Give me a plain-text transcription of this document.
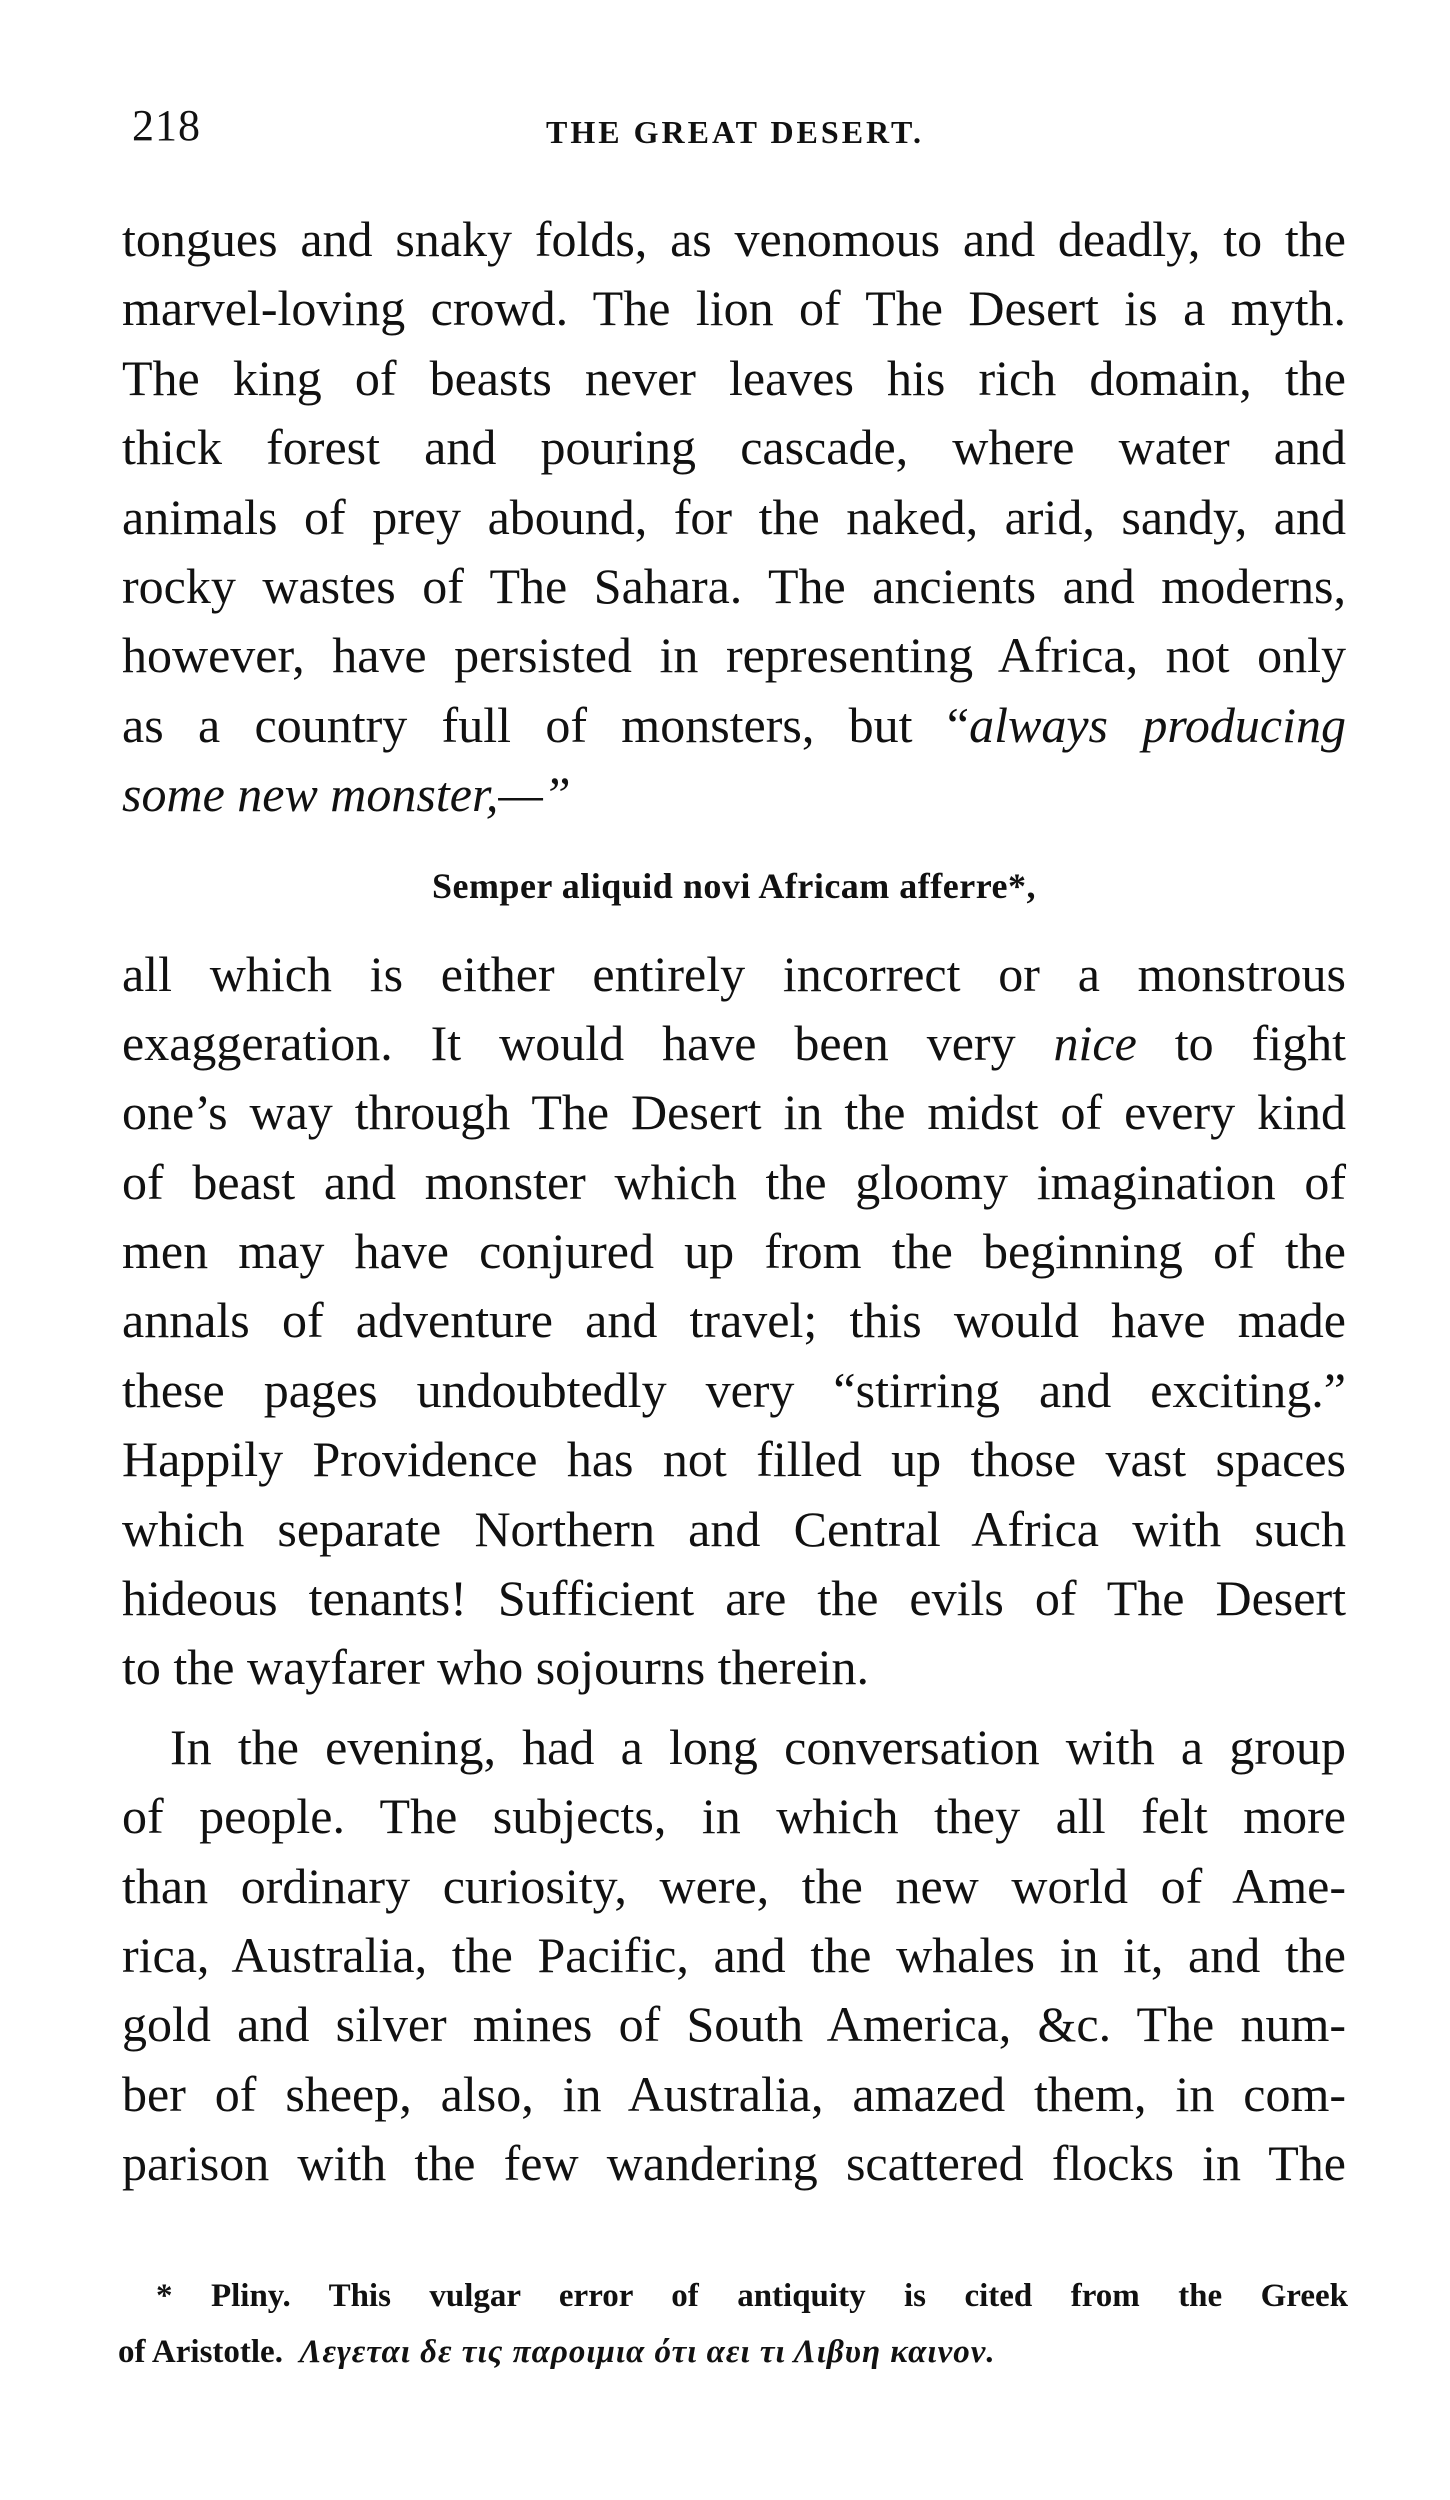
218	THE GREAT DESERT.
tongues and snaky folds, as venomous and deadly, to the
marvel-loving crowd. The lion of The Desert is a myth.
The king of beasts never leaves his rich domain, the
thick forest and pouring cascade, where water and
animals of prey abound, for the naked, arid, sandy, and
rocky wastes of The Sahara. The ancients and moderns,
however, have persisted in representing Africa, not only
as a country full of monsters, but “always producing
some new monster,—”
Semper aliquid novi Africam afferre*,
all which is either entirely incorrect or a monstrous
exaggeration. It would have been very nice to fight
one’s way through The Desert in the midst of every kind
of beast and monster which the gloomy imagination of
men may have conjured up from the beginning of the
annals of adventure and travel; this would have made
these pages undoubtedly very “stirring and exciting.”
Happily Providence has not filled up those vast spaces
which separate Northern and Central Africa with such
hideous tenants! Sufficient are the evils of The Desert
to the wayfarer who sojourns therein.
In the evening, had a long conversation with a group
of people. The subjects, in which they all felt more
than ordinary curiosity, were, the new world of Ame-
rica, Australia, the Pacific, and the whales in it, and the
gold and silver mines of South America, &c. The num-
ber of sheep, also, in Australia, amazed them, in com-
parison with the few wandering scattered flocks in The
* Pliny. This vulgar error of antiquity is cited from the Greek
of Aristotle. Λεγεται δε τις παροιμια ότι αει τι Λιβυη καινον.
